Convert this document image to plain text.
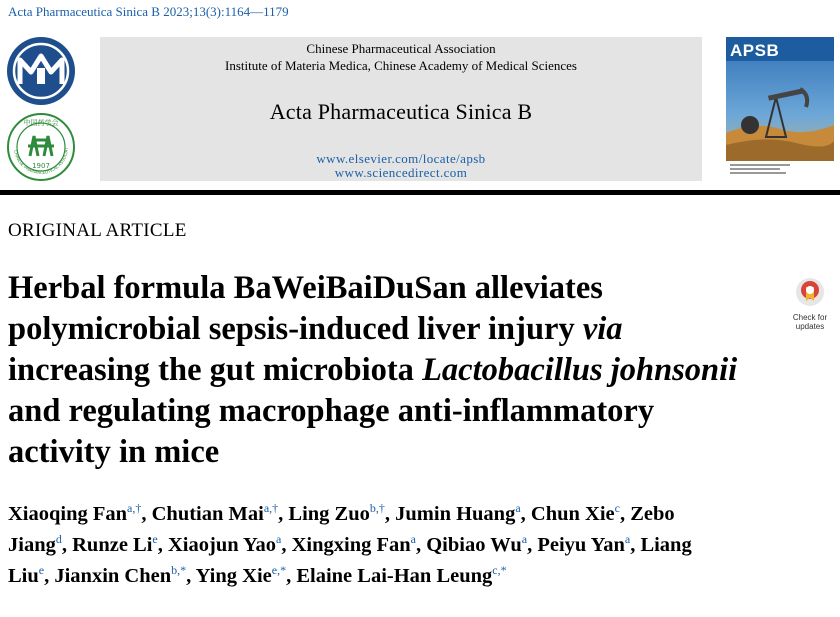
Acta Pharmaceutica Sinica B 2023;13(3):1164—1179
中国药学会
1907
CHINESE PHARMACEUTICAL ASSOCIAT
Chinese Pharmaceutical Association
Institute of Materia Medica, Chinese Academy of Medical Sciences
Acta Pharmaceutica Sinica B
www.elsevier.com/locate/apsb
www.sciencedirect.com
APSB
ORIGINAL ARTICLE
Herbal formula BaWeiBaiDuSan alleviates polymicrobial sepsis-induced liver injury via increasing the gut microbiota Lactobacillus johnsonii and regulating macrophage anti-inflammatory activity in mice
Check for updates
Xiaoqing Fan$^{a,\dagger}$, Chutian Mai$^{a,\dagger}$, Ling Zuo$^{b,\dagger}$, Jumin Huang$^a$, Chun Xie$^c$, Zebo Jiang$^d$, Runze Li$^e$, Xiaojun Yao$^a$, Xingxing Fan$^a$, Qibiao Wu$^a$, Peiyu Yan$^a$, Liang Liu$^e$, Jianxin Chen$^{b,*}$, Ying Xie$^{e,*}$, Elaine Lai-Han Leung$^{c,*}$
